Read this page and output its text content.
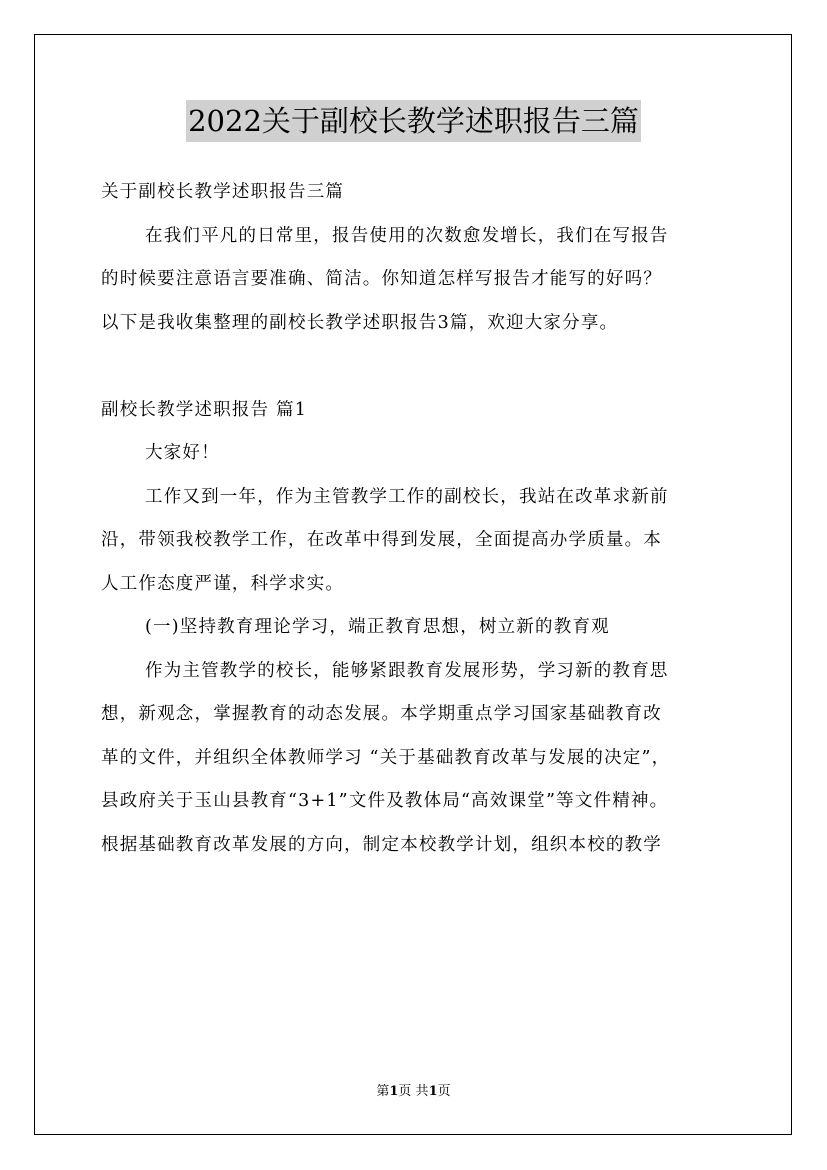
2022关于副校长教学述职报告三篇
关于副校长教学述职报告三篇
在我们平凡的日常里，报告使用的次数愈发增长，我们在写报告
的时候要注意语言要准确、简洁。你知道怎样写报告才能写的好吗？
以下是我收集整理的副校长教学述职报告3篇，欢迎大家分享。
副校长教学述职报告 篇1
大家好！
工作又到一年，作为主管教学工作的副校长，我站在改革求新前
沿，带领我校教学工作，在改革中得到发展，全面提高办学质量。本
人工作态度严谨，科学求实。
(一)坚持教育理论学习，端正教育思想，树立新的教育观
作为主管教学的校长，能够紧跟教育发展形势，学习新的教育思
想，新观念，掌握教育的动态发展。本学期重点学习国家基础教育改
革的文件，并组织全体教师学习 “关于基础教育改革与发展的决定”，
县政府关于玉山县教育“3+1”文件及教体局“高效课堂”等文件精神。
根据基础教育改革发展的方向，制定本校教学计划，组织本校的教学
第1页 共1页
